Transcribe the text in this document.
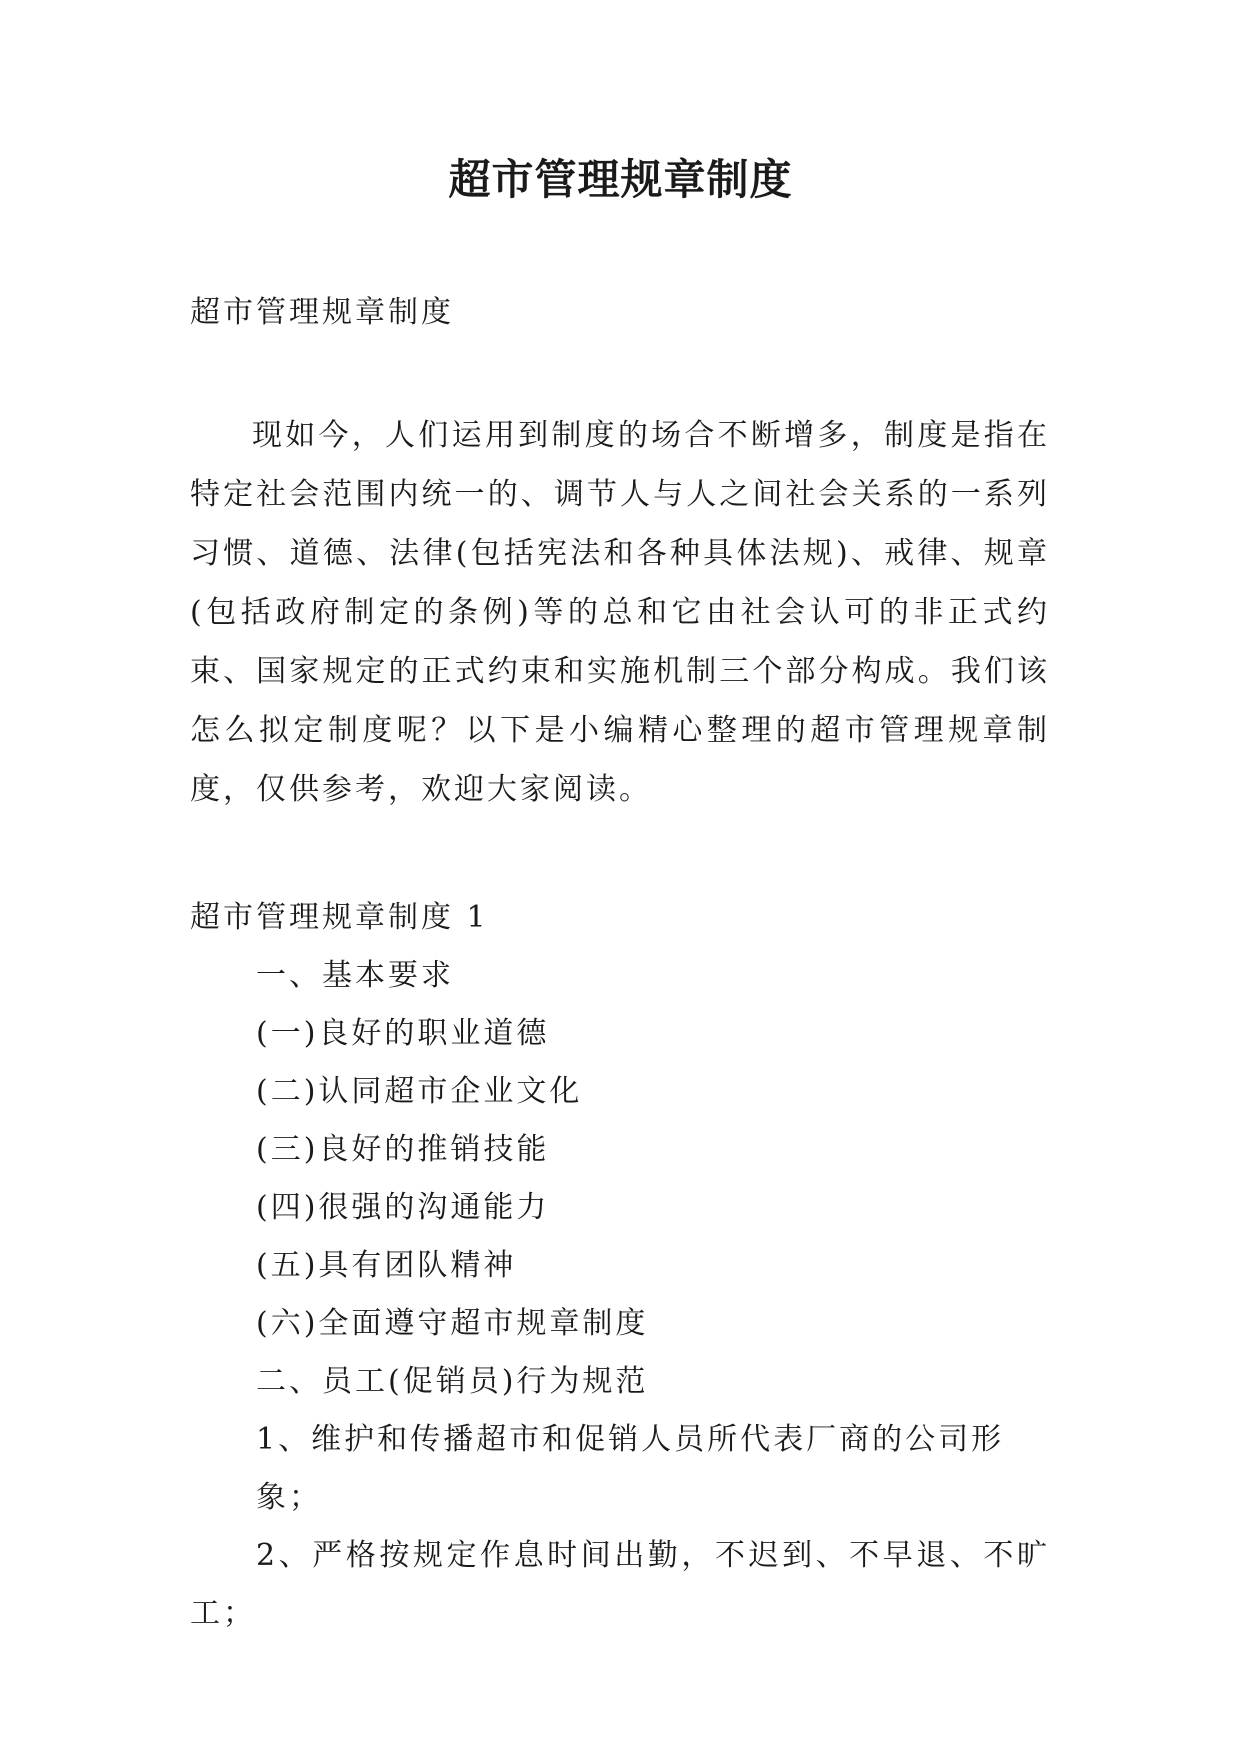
超市管理规章制度

超市管理规章制度

现如今，人们运用到制度的场合不断增多，制度是指在特定社会范围内统一的、调节人与人之间社会关系的一系列习惯、道德、法律(包括宪法和各种具体法规)、戒律、规章(包括政府制定的条例)等的总和它由社会认可的非正式约束、国家规定的正式约束和实施机制三个部分构成。我们该怎么拟定制度呢？以下是小编精心整理的超市管理规章制度，仅供参考，欢迎大家阅读。

超市管理规章制度 1

一、基本要求

(一)良好的职业道德

(二)认同超市企业文化

(三)良好的推销技能

(四)很强的沟通能力

(五)具有团队精神

(六)全面遵守超市规章制度

二、员工(促销员)行为规范

1、维护和传播超市和促销人员所代表厂商的公司形象；

2、严格按规定作息时间出勤，不迟到、不早退、不旷工；
